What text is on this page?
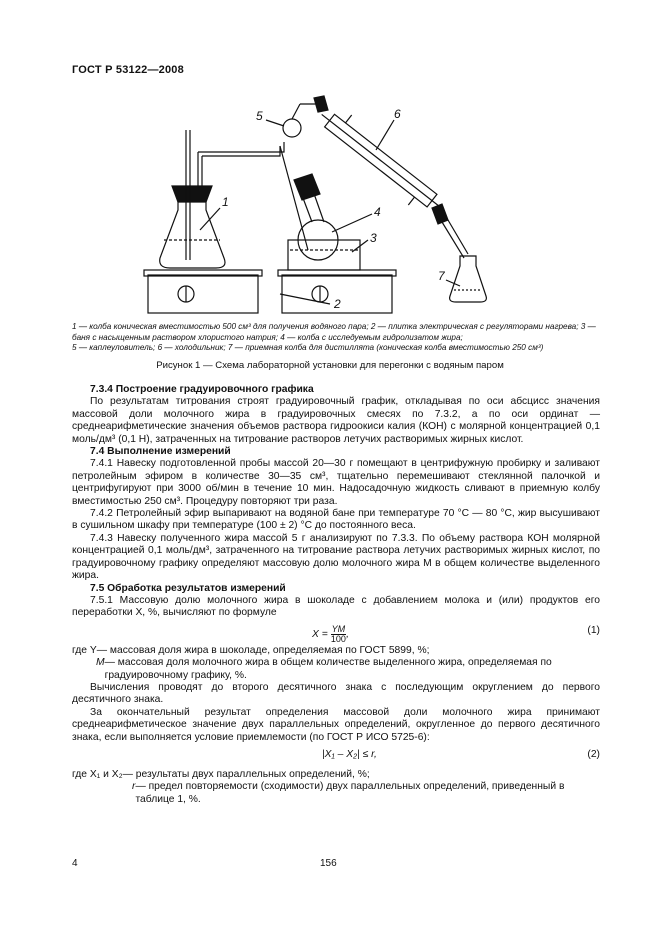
ГОСТ Р 53122—2008
1
2
3
4
5	6
7
1 — колба коническая вместимостью 500 см³ для получения водяного пара; 2 — плитка электрическая с регуляторами нагрева; 3 — баня с насыщенным раствором хлористого натрия; 4 — колба с исследуемым гидролизатом жира;
5 — каплеуловитель; 6 — холодильник; 7 — приемная колба для дистиллята (коническая колба вместимостью 250 см³)
Рисунок 1 — Схема лабораторной установки для перегонки с водяным паром
7.3.4 Построение градуировочного графика

По результатам титрования строят градуировочный график, откладывая по оси абсцисс значения массовой доли молочного жира в градуировочных смесях по 7.3.2, а по оси ординат — среднеарифметические значения объемов раствора гидроокиси калия (КОН) с молярной концентрацией 0,1 моль/дм³ (0,1 Н), затраченных на титрование растворов летучих растворимых жирных кислот.

7.4 Выполнение измерений

7.4.1 Навеску подготовленной пробы массой 20—30 г помещают в центрифужную пробирку и заливают петролейным эфиром в количестве 30—35 см³, тщательно перемешивают стеклянной палочкой и центрифугируют при 3000 об/мин в течение 10 мин. Надосадочную жидкость сливают в приемную колбу вместимостью 250 см³. Процедуру повторяют три раза.

7.4.2 Петролейный эфир выпаривают на водяной бане при температуре 70 °С — 80 °С, жир высушивают в сушильном шкафу при температуре (100 ± 2) °С до постоянного веса.

7.4.3 Навеску полученного жира массой 5 г анализируют по 7.3.3. По объему раствора КОН молярной концентрацией 0,1 моль/дм³, затраченного на титрование раствора летучих растворимых жирных кислот, по градуировочному графику определяют массовую долю молочного жира М в общем количестве выделенного жира.

7.5 Обработка результатов измерений

7.5.1 Массовую долю молочного жира в шоколаде с добавлением молока и (или) продуктов его переработки X, %, вычисляют по формуле

$X = \frac{YM}{100}$ ,	(1)
где Y — массовая доля жира в шоколаде, определяемая по ГОСТ 5899, %;
M — массовая доля молочного жира в общем количестве выделенного жира, определяемая по градуировочному графику, %.

Вычисления проводят до второго десятичного знака с последующим округлением до первого десятичного знака.

За окончательный результат определения массовой доли молочного жира принимают среднеарифметическое значение двух параллельных определений, округленное до первого десятичного знака, если выполняется условие приемлемости (по ГОСТ Р ИСО 5725-6):

|X₁ – X₂| ≤ r,	(2)
где X₁ и X₂ — результаты двух параллельных определений, %;
r — предел повторяемости (сходимости) двух параллельных определений, приведенный в таблице 1, %.
4	156
